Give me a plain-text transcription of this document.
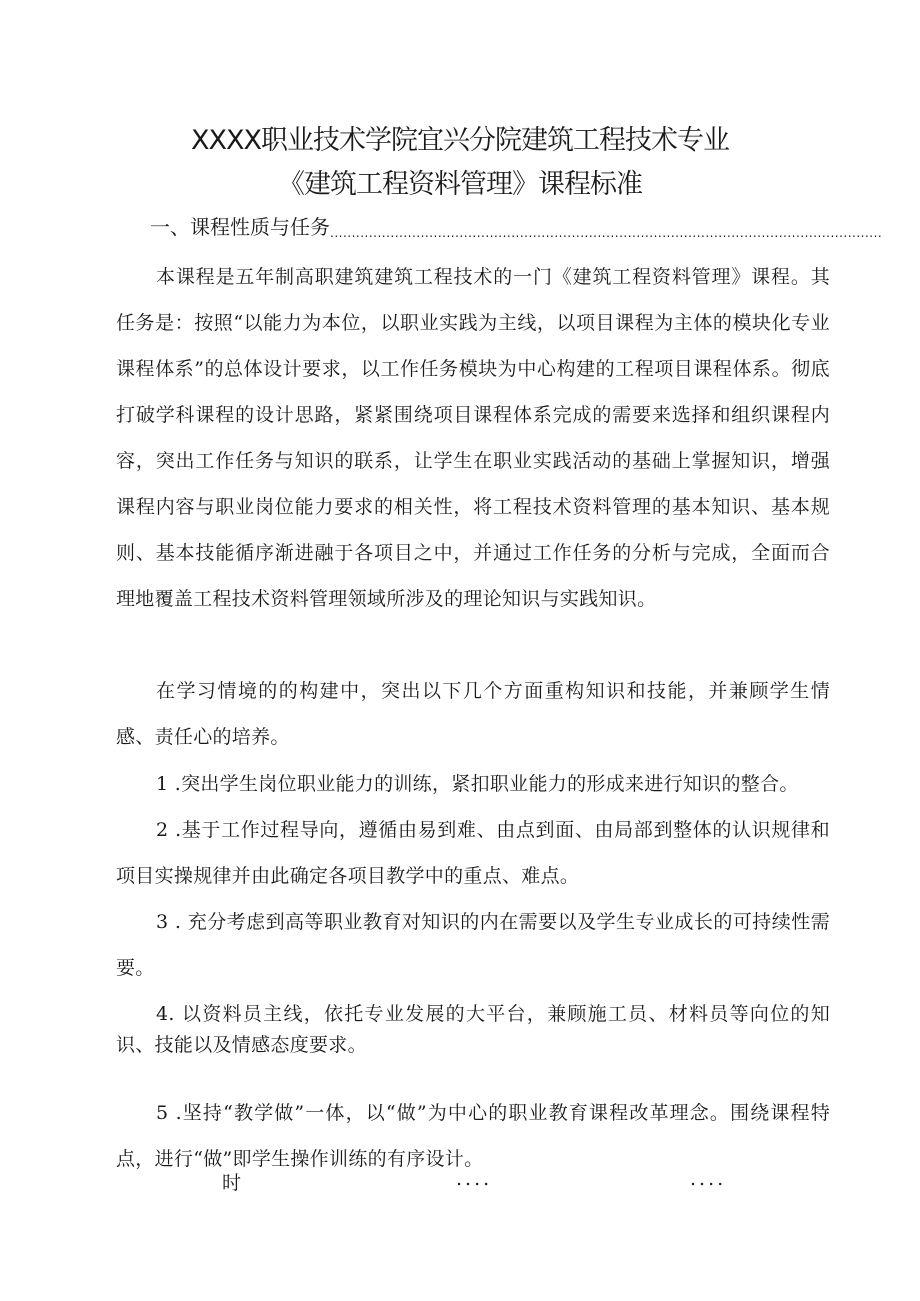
XXXX职业技术学院宜兴分院建筑工程技术专业
《建筑工程资料管理》课程标准
一、课程性质与任务................................................................................................................................
本课程是五年制高职建筑建筑工程技术的一门《建筑工程资料管理》课程。其任务是：按照“以能力为本位，以职业实践为主线，以项目课程为主体的模块化专业课程体系”的总体设计要求，以工作任务模块为中心构建的工程项目课程体系。彻底打破学科课程的设计思路，紧紧围绕项目课程体系完成的需要来选择和组织课程内容，突出工作任务与知识的联系，让学生在职业实践活动的基础上掌握知识，增强课程内容与职业岗位能力要求的相关性，将工程技术资料管理的基本知识、基本规则、基本技能循序渐进融于各项目之中，并通过工作任务的分析与完成，全面而合理地覆盖工程技术资料管理领域所涉及的理论知识与实践知识。
在学习情境的的构建中，突出以下几个方面重构知识和技能，并兼顾学生情感、责任心的培养。
1 .突出学生岗位职业能力的训练，紧扣职业能力的形成来进行知识的整合。
2 .基于工作过程导向，遵循由易到难、由点到面、由局部到整体的认识规律和项目实操规律并由此确定各项目教学中的重点、难点。
3 . 充分考虑到高等职业教育对知识的内在需要以及学生专业成长的可持续性需要。
4. 以资料员主线，依托专业发展的大平台，兼顾施工员、材料员等向位的知识、技能以及情感态度要求。
5 .坚持“教学做”一体，以“做”为中心的职业教育课程改革理念。围绕课程特点，进行“做”即学生操作训练的有序设计。
时	....	....
